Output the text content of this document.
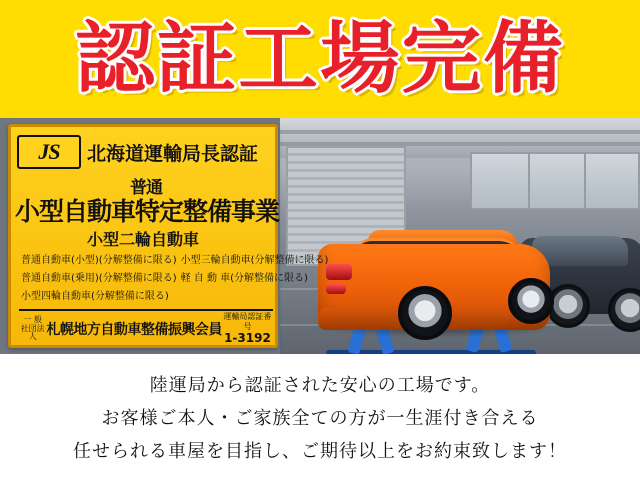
認証工場完備
JS	北海道運輸局長認証
普通
小型自動車特定整備事業
小型二輪自動車
普通自動車(小型)(分解整備に限る) 小型三輪自動車(分解整備に限る)
普通自動車(乗用)(分解整備に限る) 軽 自 動 車(分解整備に限る)
小型四輪自動車(分解整備に限る)
一 般
社団法人 札幌地方自動車整備振興会員
運輸局認証番号
1-3192
陸運局から認証された安心の工場です。
お客様ご本人・ご家族全ての方が一生涯付き合える
任せられる車屋を目指し、ご期待以上をお約束致します！
